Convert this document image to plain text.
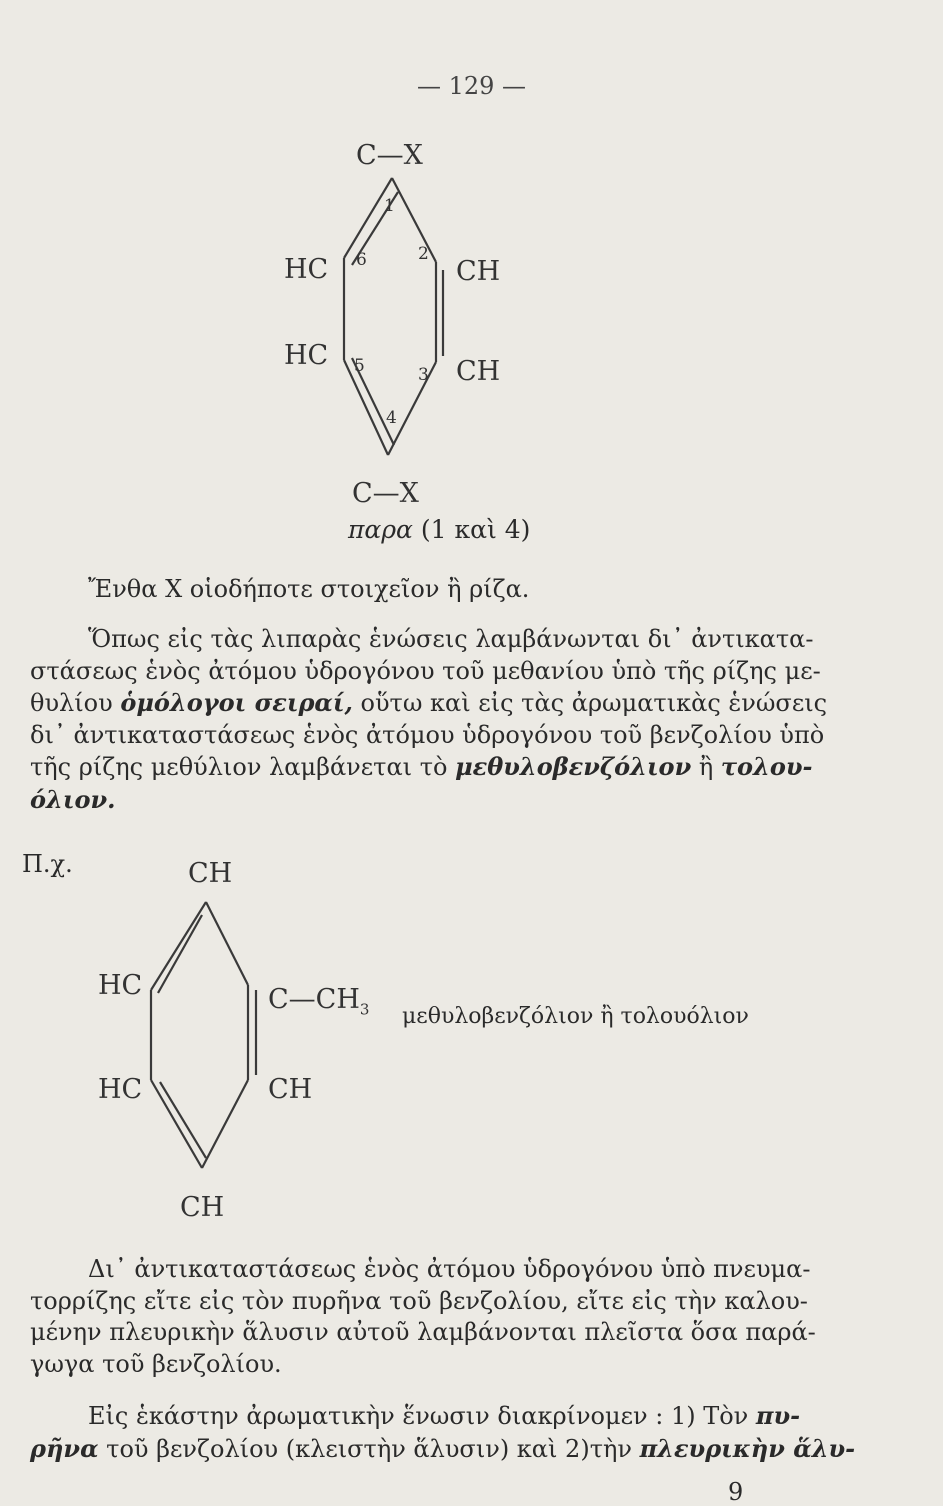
— 129 —
C—X
HC
HC
CH
CH
C—X
1
2
3
4
5
6
παρα (1 καὶ 4)
Ἔνθα X οἱοδήποτε στοιχεῖον ἢ ρίζα.
Ὅπως εἰς τὰς λιπαρὰς ἑνώσεις λαμβάνωνται δι᾽ ἀντικατα-
στάσεως ἑνὸς ἀτόμου ὑδρογόνου τοῦ μεθανίου ὑπὸ τῆς ρίζης με-
θυλίου ὁμόλογοι σειραί, οὕτω καὶ εἰς τὰς ἀρωματικὰς ἑνώσεις
δι᾽ ἀντικαταστάσεως ἑνὸς ἀτόμου ὑδρογόνου τοῦ βενζολίου ὑπὸ
τῆς ρίζης μεθύλιον λαμβάνεται τὸ μεθυλοβενζόλιον ἢ τολου-
όλιον.
Π.χ.	CH
HC
HC
$C—CH_3$
CH
CH
μεθυλοβενζόλιον ἢ τολουόλιον
Δι᾽ ἀντικαταστάσεως ἑνὸς ἀτόμου ὑδρογόνου ὑπὸ πνευμα-
τορρίζης εἴτε εἰς τὸν πυρῆνα τοῦ βενζολίου, εἴτε εἰς τὴν καλου-
μένην πλευρικὴν ἅλυσιν αὐτοῦ λαμβάνονται πλεῖστα ὅσα παρά-
γωγα τοῦ βενζολίου.
Εἰς ἑκάστην ἀρωματικὴν ἕνωσιν διακρίνομεν : 1) Τὸν πυ-
ρῆνα τοῦ βενζολίου (κλειστὴν ἅλυσιν) καὶ 2)τὴν πλευρικὴν ἅλυ-
9
